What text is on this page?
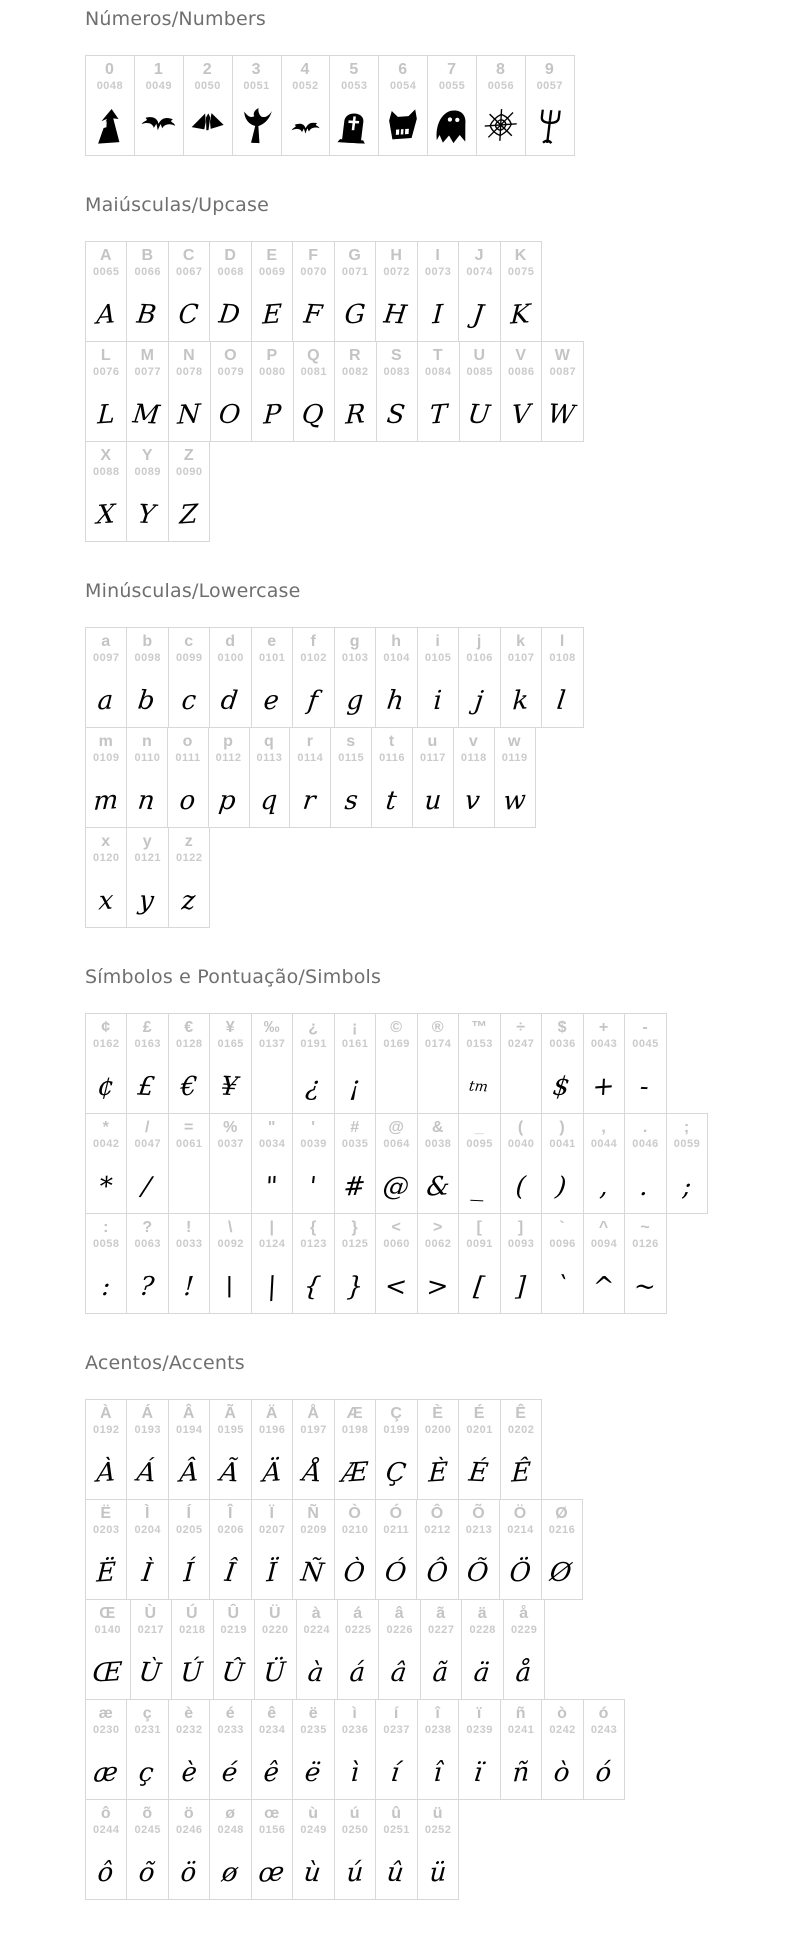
Números/Numbers
0
0048
1
0049
2
0050
3
0051
4
0052
5
0053
6
0054
7
0055
8
0056
9
0057
Maiúsculas/Upcase
A
0065
A
B
0066
B
C
0067
C
D
0068
D
E
0069
E
F
0070
F
G
0071
G
H
0072
H
I
0073
I
J
0074
J
K
0075
K
L
0076
L
M
0077
M
N
0078
N
O
0079
O
P
0080
P
Q
0081
Q
R
0082
R
S
0083
S
T
0084
T
U
0085
U
V
0086
V
W
0087
W
X
0088
X
Y
0089
Y
Z
0090
Z
Minúsculas/Lowercase
a
0097
a
b
0098
b
c
0099
c
d
0100
d
e
0101
e
f
0102
f
g
0103
g
h
0104
h
i
0105
i
j
0106
j
k
0107
k
l
0108
l
m
0109
m
n
0110
n
o
0111
o
p
0112
p
q
0113
q
r
0114
r
s
0115
s
t
0116
t
u
0117
u
v
0118
v
w
0119
w
x
0120
x
y
0121
y
z
0122
z
Símbolos e Pontuação/Simbols
¢
0162
¢
£
0163
£
€
0128
€
¥
0165
¥
‰
0137
¿
0191
¿
¡
0161
¡
©
0169
®
0174
™
0153
tm
÷
0247
$
0036
$
+
0043
+
-
0045
-
*
0042
*
/
0047
/
=
0061
%
0037
"
0034
"
'
0039
'
#
0035
#
@
0064
@
&
0038
&
_
0095
_
(
0040
(
)
0041
)
,
0044
,
.
0046
.
;
0059
;
:
0058
:
?
0063
?
!
0033
!
\
0092
\
|
0124
|
{
0123
{
}
0125
}
<
0060
<
>
0062
>
[
0091
[
]
0093
]
`
0096
`
^
0094
^
~
0126
~
Acentos/Accents
À
0192
À
Á
0193
Á
Â
0194
Â
Ã
0195
Ã
Ä
0196
Ä
Å
0197
Å
Æ
0198
Æ
Ç
0199
Ç
È
0200
È
É
0201
É
Ê
0202
Ê
Ë
0203
Ë
Ì
0204
Ì
Í
0205
Í
Î
0206
Î
Ï
0207
Ï
Ñ
0209
Ñ
Ò
0210
Ò
Ó
0211
Ó
Ô
0212
Ô
Õ
0213
Õ
Ö
0214
Ö
Ø
0216
Ø
Œ
0140
Œ
Ù
0217
Ù
Ú
0218
Ú
Û
0219
Û
Ü
0220
Ü
à
0224
à
á
0225
á
â
0226
â
ã
0227
ã
ä
0228
ä
å
0229
å
æ
0230
æ
ç
0231
ç
è
0232
è
é
0233
é
ê
0234
ê
ë
0235
ë
ì
0236
ì
í
0237
í
î
0238
î
ï
0239
ï
ñ
0241
ñ
ò
0242
ò
ó
0243
ó
ô
0244
ô
õ
0245
õ
ö
0246
ö
ø
0248
ø
œ
0156
œ
ù
0249
ù
ú
0250
ú
û
0251
û
ü
0252
ü
